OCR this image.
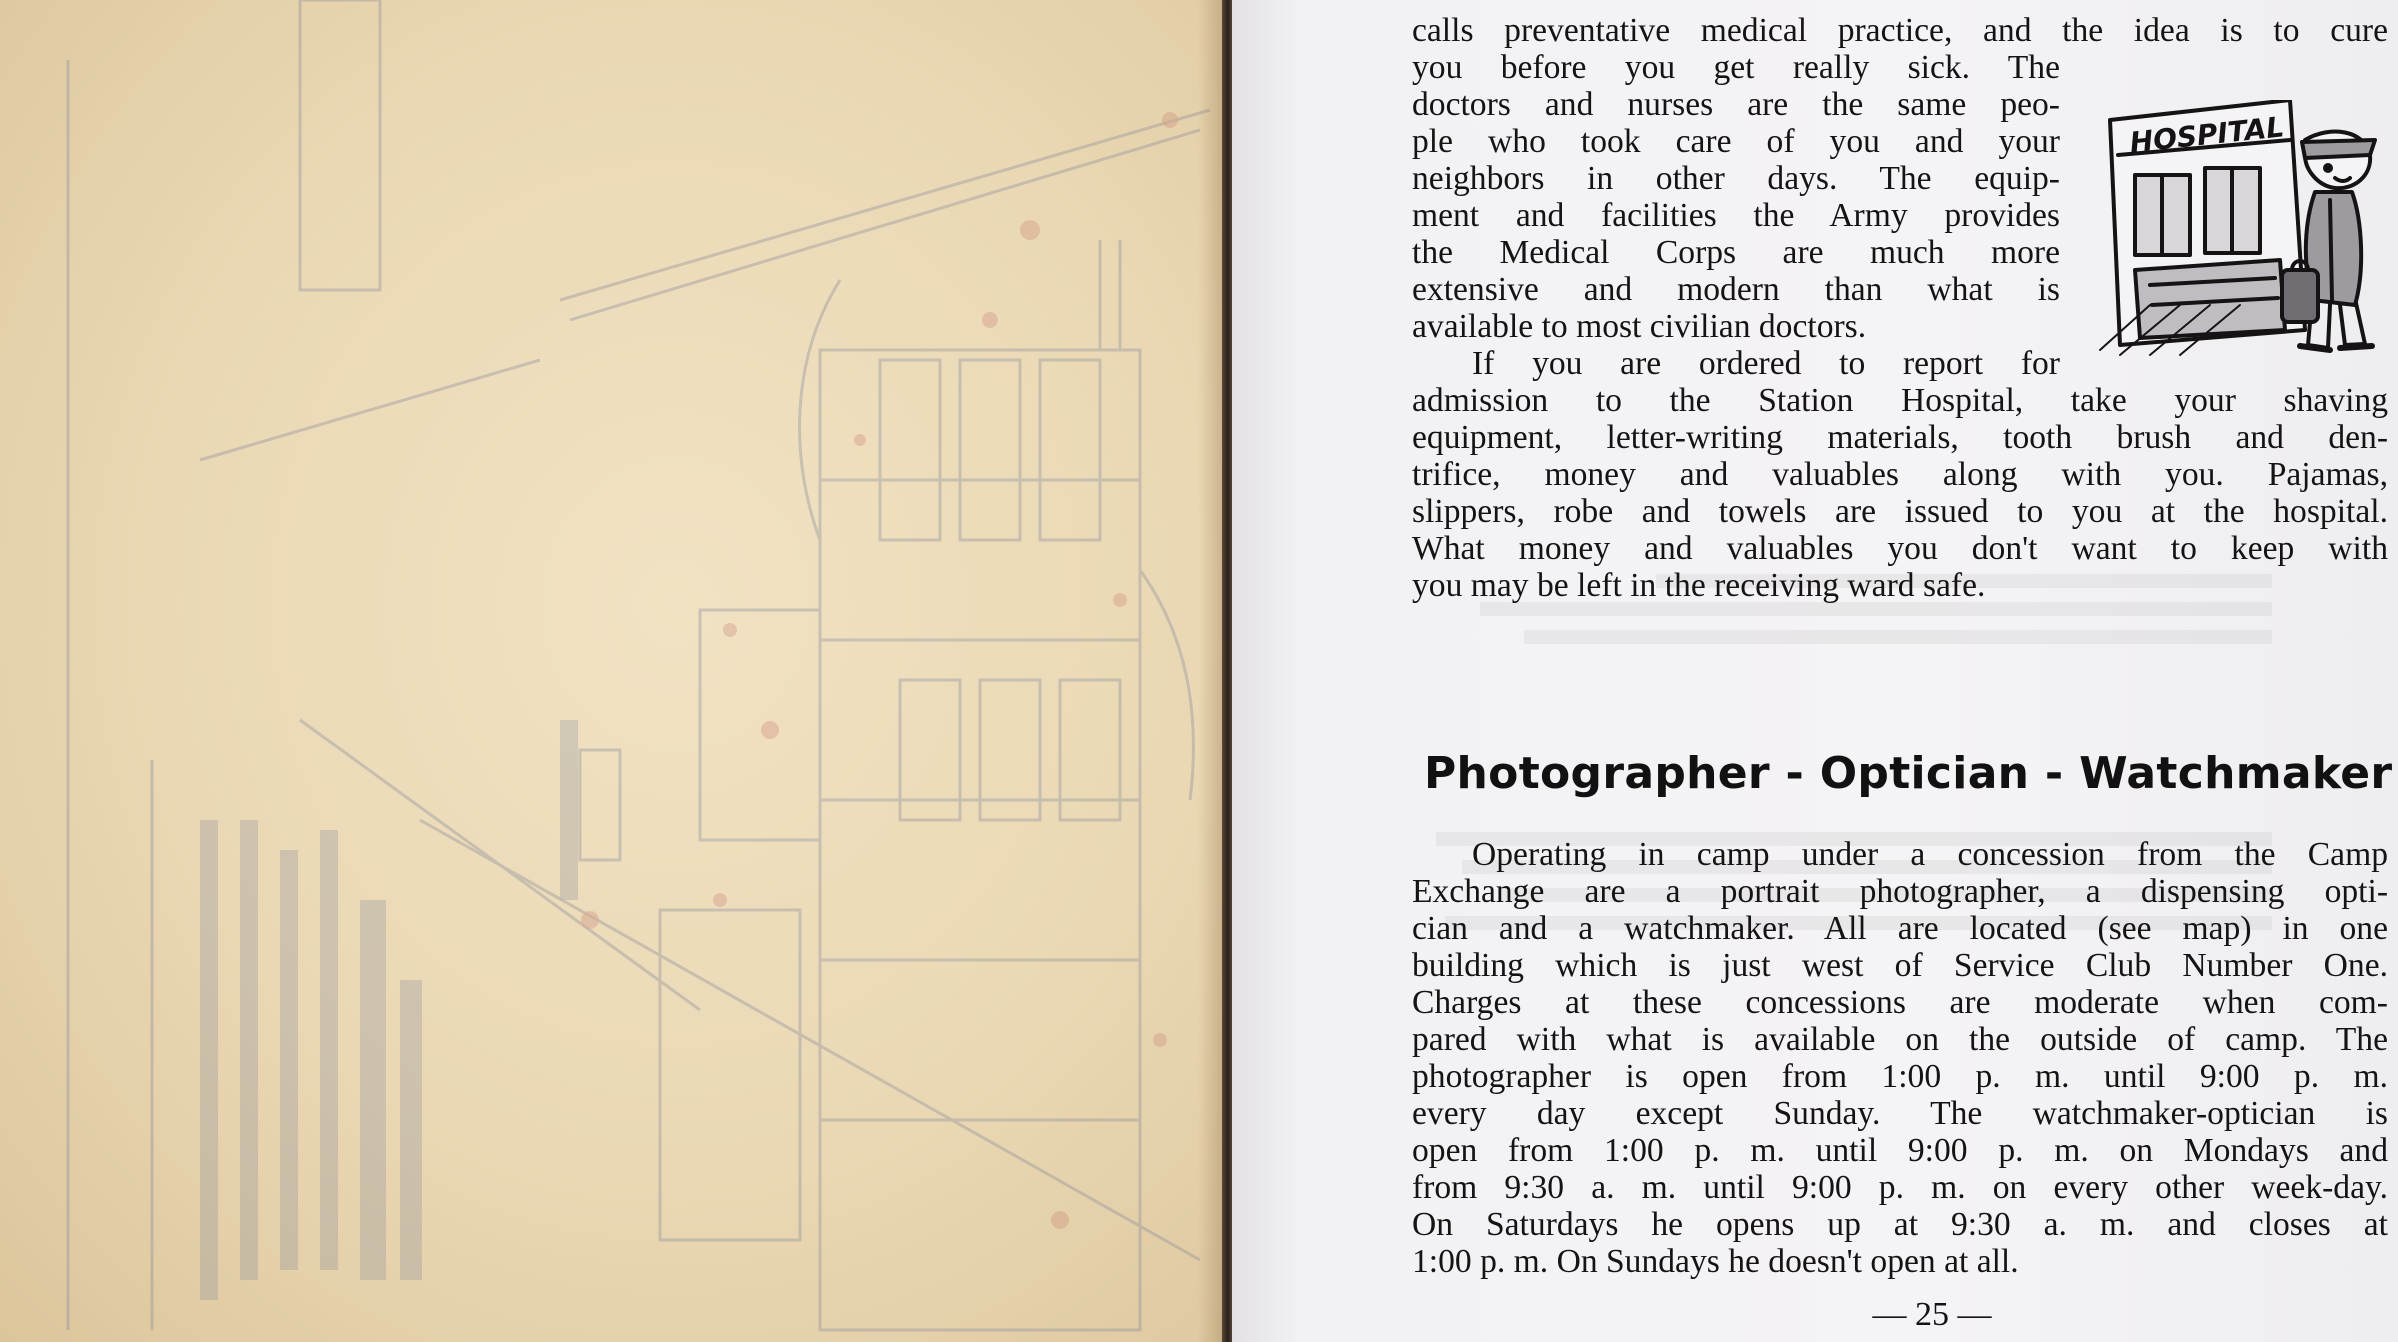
calls preventative medical practice, and the idea is to cure
you before you get really sick. The
doctors and nurses are the same peo-
ple who took care of you and your
neighbors in other days. The equip-
ment and facilities the Army provides
the Medical Corps are much more
extensive and modern than what is
available to most civilian doctors.
If you are ordered to report for
admission to the Station Hospital, take your shaving
equipment, letter-writing materials, tooth brush and den-
trifice, money and valuables along with you. Pajamas,
slippers, robe and towels are issued to you at the hospital.
What money and valuables you don't want to keep with
you may be left in the receiving ward safe.
HOSPITAL
Photographer - Optician - Watchmaker
Operating in camp under a concession from the Camp
Exchange are a portrait photographer, a dispensing opti-
cian and a watchmaker. All are located (see map) in one
building which is just west of Service Club Number One.
Charges at these concessions are moderate when com-
pared with what is available on the outside of camp. The
photographer is open from 1:00 p. m. until 9:00 p. m.
every day except Sunday. The watchmaker-optician is
open from 1:00 p. m. until 9:00 p. m. on Mondays and
from 9:30 a. m. until 9:00 p. m. on every other week-day.
On Saturdays he opens up at 9:30 a. m. and closes at
1:00 p. m. On Sundays he doesn't open at all.
— 25 —
